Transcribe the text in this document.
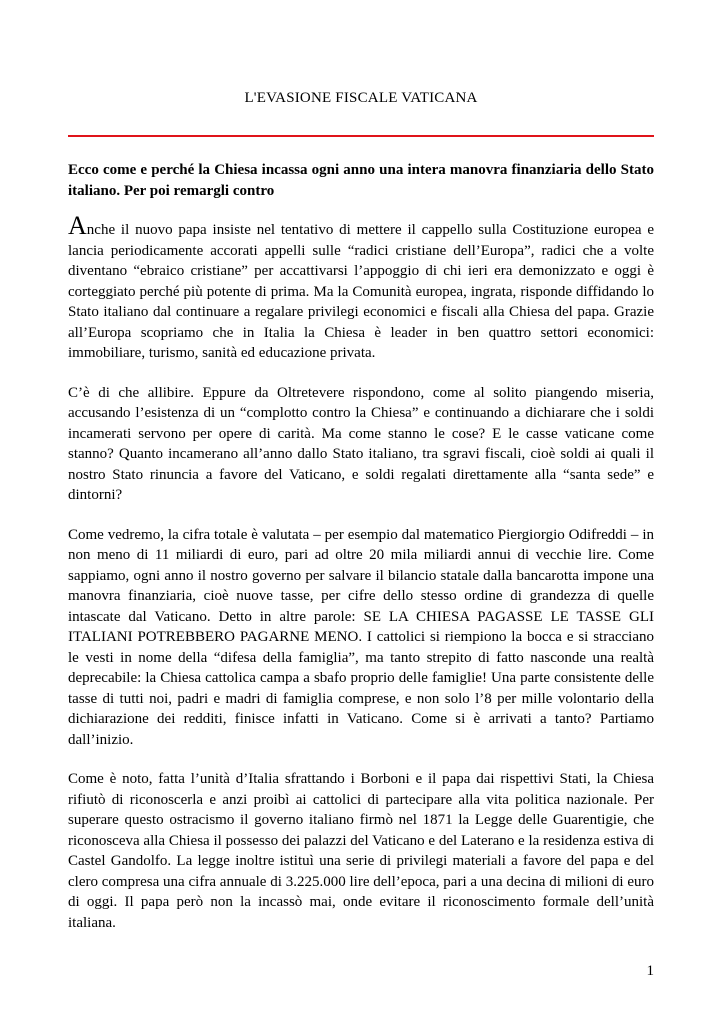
L'EVASIONE FISCALE VATICANA
Ecco come e perché la Chiesa incassa ogni anno una intera manovra finanziaria dello Stato italiano. Per poi remargli contro

Anche il nuovo papa insiste nel tentativo di mettere il cappello sulla Costituzione europea e lancia periodicamente accorati appelli sulle “radici cristiane dell’Europa”, radici che a volte diventano “ebraico cristiane” per accattivarsi l’appoggio di chi ieri era demonizzato e oggi è corteggiato perché più potente di prima. Ma la Comunità europea, ingrata, risponde diffidando lo Stato italiano dal continuare a regalare privilegi economici e fiscali alla Chiesa del papa. Grazie all’Europa scopriamo che in Italia la Chiesa è leader in ben quattro settori economici: immobiliare, turismo, sanità ed educazione privata.

C’è di che allibire. Eppure da Oltretevere rispondono, come al solito piangendo miseria, accusando l’esistenza di un “complotto contro la Chiesa” e continuando a dichiarare che i soldi incamerati servono per opere di carità. Ma come stanno le cose? E le casse vaticane come stanno? Quanto incamerano all’anno dallo Stato italiano, tra sgravi fiscali, cioè soldi ai quali il nostro Stato rinuncia a favore del Vaticano, e soldi regalati direttamente alla “santa sede” e dintorni?

Come vedremo, la cifra totale è valutata – per esempio dal matematico Piergiorgio Odifreddi – in non meno di 11 miliardi di euro, pari ad oltre 20 mila miliardi annui di vecchie lire. Come sappiamo, ogni anno il nostro governo per salvare il bilancio statale dalla bancarotta impone una manovra finanziaria, cioè nuove tasse, per cifre dello stesso ordine di grandezza di quelle intascate dal Vaticano. Detto in altre parole: SE LA CHIESA PAGASSE LE TASSE GLI ITALIANI POTREBBERO PAGARNE MENO. I cattolici si riempiono la bocca e si stracciano le vesti in nome della “difesa della famiglia”, ma tanto strepito di fatto nasconde una realtà deprecabile: la Chiesa cattolica campa a sbafo proprio delle famiglie! Una parte consistente delle tasse di tutti noi, padri e madri di famiglia comprese, e non solo l’8 per mille volontario della dichiarazione dei redditi, finisce infatti in Vaticano. Come si è arrivati a tanto? Partiamo dall’inizio.

Come è noto, fatta l’unità d’Italia sfrattando i Borboni e il papa dai rispettivi Stati, la Chiesa rifiutò di riconoscerla e anzi proibì ai cattolici di partecipare alla vita politica nazionale. Per superare questo ostracismo il governo italiano firmò nel 1871 la Legge delle Guarentigie, che riconosceva alla Chiesa il possesso dei palazzi del Vaticano e del Laterano e la residenza estiva di Castel Gandolfo. La legge inoltre istituì una serie di privilegi materiali a favore del papa e del clero compresa una cifra annuale di 3.225.000 lire dell’epoca, pari a una decina di milioni di euro di oggi. Il papa però non la incassò mai, onde evitare il riconoscimento formale dell’unità italiana.

1
